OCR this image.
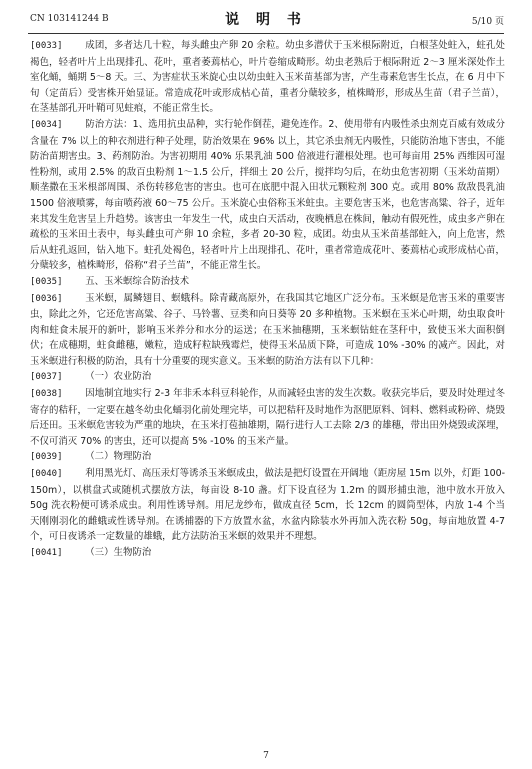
CN 103141244 B	说 明 书	5/10 页

[0033] 成团，多者达几十粒，每头雌虫产卵 20 余粒。幼虫多潜伏于玉米根际附近，白根茎处蛀入，蛀孔处褐色，轻者叶片上出现排孔、花叶，重者萎蔫枯心，叶片卷缩成畸形。幼虫老熟后于根际附近 2～3 厘米深处作土室化蛹，蛹期 5～8 天。三、为害症状玉米旋心虫以幼虫蛀入玉米苗基部为害，产生毒素危害生长点，在 6 月中下旬（定苗后）受害株开始显证。常造成花叶或形成枯心苗，重者分蘖较多，植株畸形，形成丛生苗（君子兰苗），在茎基部孔开叶鞘可见蛀痕，不能正常生长。

[0034] 防治方法：1、选用抗虫品种，实行轮作倒茬，避免连作。2、使用带有内吸性杀虫剂克百威有效成分含量在 7% 以上的种衣剂进行种子处理，防治效果在 96% 以上，其它杀虫剂无内吸性，只能防治地下害虫，不能防治苗期害虫。3、药剂防治。为害初期用 40% 乐果乳油 500 倍液进行灌根处理。也可每亩用 25% 西维因可湿性粉剂，或用 2.5% 的敌百虫粉剂 1～1.5 公斤，拌细土 20 公斤，搅拌均匀后，在幼虫危害初期（玉米幼苗期）顺垄撒在玉米根部周围、杀伤转移危害的害虫。也可在底肥中混入田状元颗粒剂 300 克。或用 80% 敌敌畏乳油 1500 倍液喷雾，每亩喷药液 60～75 公斤。玉米旋心虫俗称玉米蛀虫。主要危害玉米，也危害高粱、谷子，近年来其发生危害呈上升趋势。该害虫一年发生一代，成虫白天活动，夜晚栖息在株间，触动有假死性，成虫多产卵在疏松的玉米田土表中，每头雌虫可产卵 10 余粒，多者 20-30 粒，成团。幼虫从玉米苗基部蛀入，向上危害，然后从蛀孔返回，钻入地下。蛀孔处褐色，轻者叶片上出现排孔、花叶，重者常造成花叶、萎蔫枯心或形成枯心苗，分蘖较多，植株畸形，俗称“君子兰苗”，不能正常生长。

[0035] 五、玉米螟综合防治技术

[0036] 玉米螟，属鳞翅目、螟蛾科。除青藏高原外，在我国其它地区广泛分布。玉米螟是危害玉米的重要害虫，除此之外，它还危害高粱、谷子、马铃薯、豆类和向日葵等 20 多种植物。玉米螟在玉米心叶期，幼虫取食叶肉和蛀食未展开的新叶，影响玉米养分和水分的运送；在玉米抽穗期，玉米螟钻蛀在茎秆中，致使玉米大面积倒伏；在成穗期，蛀食雌穗，嫩粒，造成籽粒缺残霉烂，使得玉米品质下降，可造成 10% -30% 的减产。因此，对玉米螟进行积极的防治，具有十分重要的现实意义。玉米螟的防治方法有以下几种：

[0037] （一）农业防治

[0038] 因地制宜地实行 2-3 年非禾本科豆科轮作，从而减轻虫害的发生次数。收获完毕后，要及时处理过冬寄存的秸秆，一定要在越冬幼虫化蛹羽化前处理完毕，可以把秸秆及时地作为沤肥原料、饲料、燃料或粉碎、烧毁后还田。玉米螟危害较为严重的地块，在玉米打苞抽雄期，隔行进行人工去除 2/3 的雄穗，带出田外烧毁或深埋，不仅可消灭 70% 的害虫，还可以提高 5% -10% 的玉米产量。

[0039] （二）物理防治

[0040] 利用黑光灯、高压汞灯等诱杀玉米螟成虫，做法是把灯设置在开阔地（距房屋 15m 以外，灯距 100-150m），以棋盘式或随机式摆放方法，每亩设 8-10 盏。灯下设直径为 1.2m 的圆形捕虫池，池中放水开放入 50g 洗衣粉便可诱杀成虫。利用性诱导剂。用尼龙纱布，做成直径 5cm，长 12cm 的圆筒型体，内放 1-4 个当天刚刚羽化的雌蛾或性诱导剂。在诱捕器的下方放置水盆，水盆内除装水外再加入洗衣粉 50g，每亩地放置 4-7 个，可日夜诱杀一定数量的雄蛾，此方法防治玉米螟的效果并不理想。

[0041] （三）生物防治

7
